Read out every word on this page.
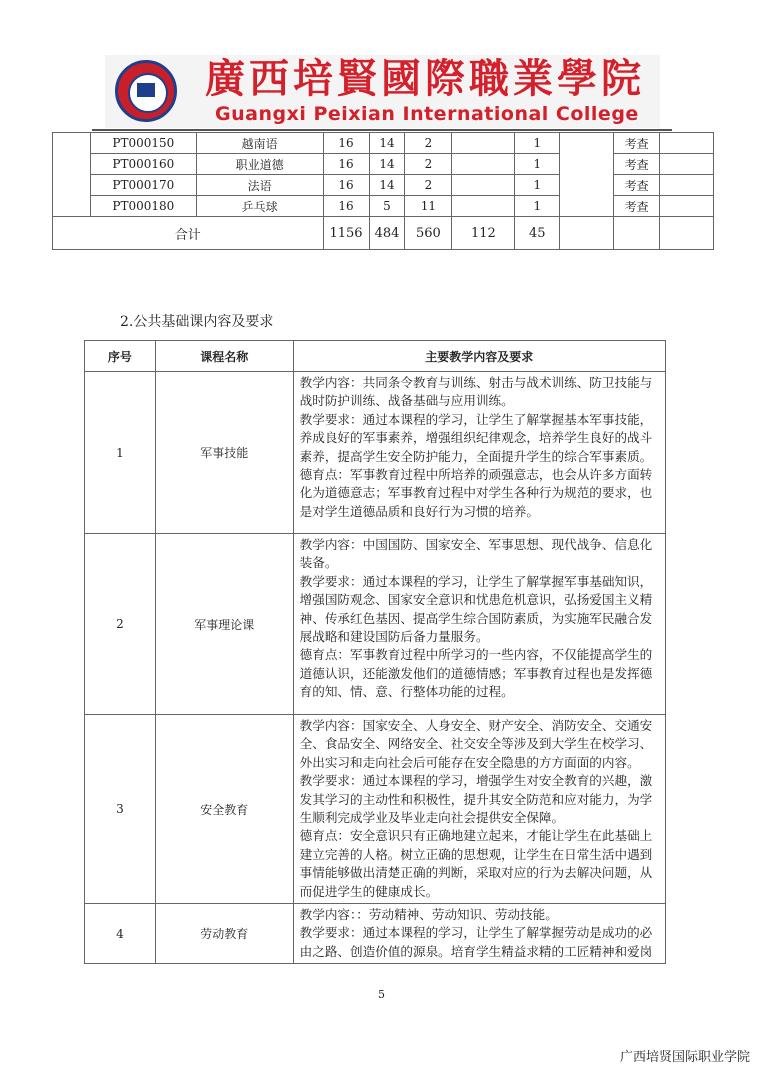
廣西培賢國際職業學院
Guangxi Peixian International College
	PT000150	越南语	16	14	2		1		考查	
	PT000160	职业道德	16	14	2		1		考查	
	PT000170	法语	16	14	2		1		考查	
	PT000180	乒乓球	16	5	11		1		考查	
合计			1156	484	560	112	45			
2.公共基础课内容及要求
序号	课程名称	主要教学内容及要求
1	军事技能	教学内容：共同条令教育与训练、射击与战术训练、防卫技能与战时防护训练、战备基础与应用训练。

教学要求：通过本课程的学习，让学生了解掌握基本军事技能，养成良好的军事素养，增强组织纪律观念，培养学生良好的战斗素养，提高学生安全防护能力，全面提升学生的综合军事素质。

德育点：军事教育过程中所培养的顽强意志，也会从许多方面转化为道德意志；军事教育过程中对学生各种行为规范的要求，也是对学生道德品质和良好行为习惯的培养。

2	军事理论课	教学内容：中国国防、国家安全、军事思想、现代战争、信息化装备。

教学要求：通过本课程的学习，让学生了解掌握军事基础知识，增强国防观念、国家安全意识和忧患危机意识，弘扬爱国主义精神、传承红色基因、提高学生综合国防素质，为实施军民融合发展战略和建设国防后备力量服务。

德育点：军事教育过程中所学习的一些内容，不仅能提高学生的道德认识，还能激发他们的道德情感；军事教育过程也是发挥德育的知、情、意、行整体功能的过程。

3	安全教育	教学内容：国家安全、人身安全、财产安全、消防安全、交通安全、食品安全、网络安全、社交安全等涉及到大学生在校学习、外出实习和走向社会后可能存在安全隐患的方方面面的内容。

教学要求：通过本课程的学习，增强学生对安全教育的兴趣，激发其学习的主动性和积极性，提升其安全防范和应对能力，为学生顺利完成学业及毕业走向社会提供安全保障。

德育点：安全意识只有正确地建立起来，才能让学生在此基础上建立完善的人格。树立正确的思想观，让学生在日常生活中遇到事情能够做出清楚正确的判断，采取对应的行为去解决问题，从而促进学生的健康成长。

4	劳动教育	教学内容：：劳动精神、劳动知识、劳动技能。

教学要求：通过本课程的学习，让学生了解掌握劳动是成功的必由之路、创造价值的源泉。培育学生精益求精的工匠精神和爱岗

5
广西培贤国际职业学院
